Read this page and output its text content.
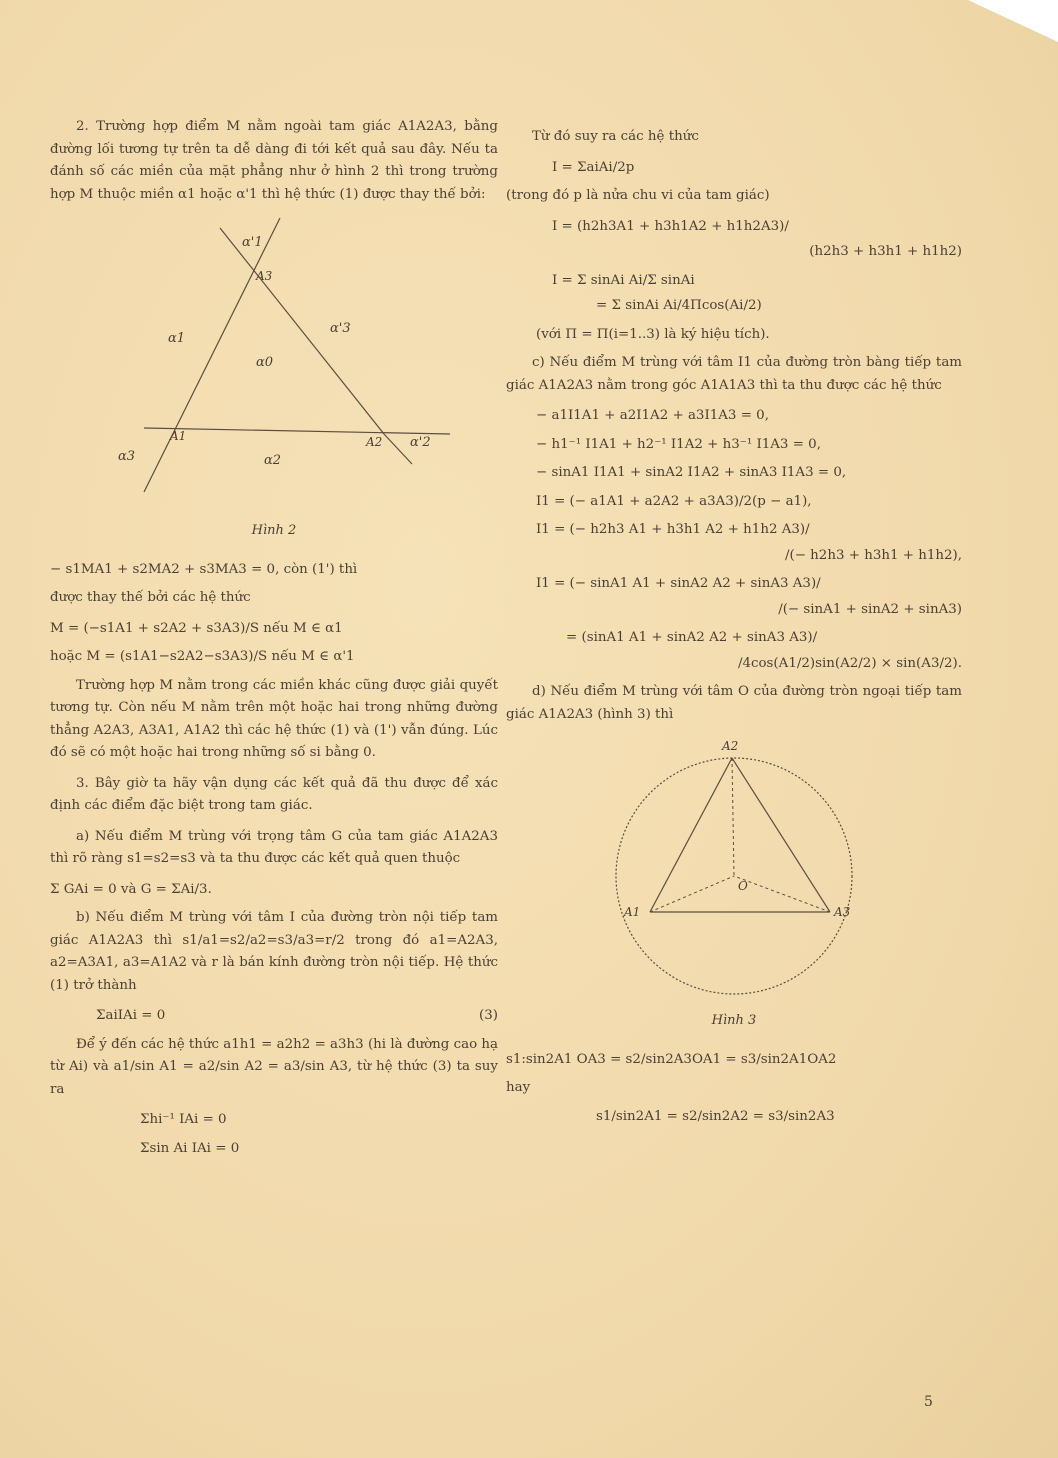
2. Trường hợp điểm M nằm ngoài tam giác A1A2A3, bằng đường lối tương tự trên ta dễ dàng đi tới kết quả sau đây. Nếu ta đánh số các miền của mặt phẳng như ở hình 2 thì trong trường hợp M thuộc miền α1 hoặc α'1 thì hệ thức (1) được thay thế bởi:

α'1
α1
α'3
A3
α0
A1	A2 α'2
α3	α2
Hình 2

− s1MA1 + s2MA2 + s3MA3 = 0, còn (1') thì

được thay thế bởi các hệ thức

M = (−s1A1 + s2A2 + s3A3)/S nếu M ∈ α1

hoặc M = (s1A1−s2A2−s3A3)/S nếu M ∈ α'1

Trường hợp M nằm trong các miền khác cũng được giải quyết tương tự. Còn nếu M nằm trên một hoặc hai trong những đường thẳng A2A3, A3A1, A1A2 thì các hệ thức (1) và (1') vẫn đúng. Lúc đó sẽ có một hoặc hai trong những số si bằng 0.

3. Bây giờ ta hãy vận dụng các kết quả đã thu được để xác định các điểm đặc biệt trong tam giác.

a) Nếu điểm M trùng với trọng tâm G của tam giác A1A2A3 thì rõ ràng s1=s2=s3 và ta thu được các kết quả quen thuộc

Σ GAi = 0 và G = ΣAi/3.

b) Nếu điểm M trùng với tâm I của đường tròn nội tiếp tam giác A1A2A3 thì s1/a1=s2/a2=s3/a3=r/2 trong đó a1=A2A3, a2=A3A1, a3=A1A2 và r là bán kính đường tròn nội tiếp. Hệ thức (1) trở thành

ΣaiIAi = 0	(3)

Để ý đến các hệ thức a1h1 = a2h2 = a3h3 (hi là đường cao hạ từ Ai) và a1/sin A1 = a2/sin A2 = a3/sin A3, từ hệ thức (3) ta suy ra

Σhi⁻¹ IAi = 0

Σsin Ai IAi = 0

Từ đó suy ra các hệ thức

I = ΣaiAi/2p

(trong đó p là nửa chu vi của tam giác)

I = (h2h3A1 + h3h1A2 + h1h2A3)/

(h2h3 + h3h1 + h1h2)

I = Σ sinAi Ai/Σ sinAi

= Σ sinAi Ai/4Πcos(Ai/2)

(với Π = Π(i=1..3) là ký hiệu tích).

c) Nếu điểm M trùng với tâm I1 của đường tròn bàng tiếp tam giác A1A2A3 nằm trong góc A1A1A3 thì ta thu được các hệ thức

− a1I1A1 + a2I1A2 + a3I1A3 = 0,

− h1⁻¹ I1A1 + h2⁻¹ I1A2 + h3⁻¹ I1A3 = 0,

− sinA1 I1A1 + sinA2 I1A2 + sinA3 I1A3 = 0,

I1 = (− a1A1 + a2A2 + a3A3)/2(p − a1),

I1 = (− h2h3 A1 + h3h1 A2 + h1h2 A3)/

/(− h2h3 + h3h1 + h1h2),

I1 = (− sinA1 A1 + sinA2 A2 + sinA3 A3)/

/(− sinA1 + sinA2 + sinA3)

= (sinA1 A1 + sinA2 A2 + sinA3 A3)/

/4cos(A1/2)sin(A2/2) × sin(A3/2).

d) Nếu điểm M trùng với tâm O của đường tròn ngoại tiếp tam giác A1A2A3 (hình 3) thì

A2
A1	A3
O
Hình 3

s1:sin2A1 OA3 = s2/sin2A3OA1 = s3/sin2A1OA2

hay

s1/sin2A1 = s2/sin2A2 = s3/sin2A3

5
